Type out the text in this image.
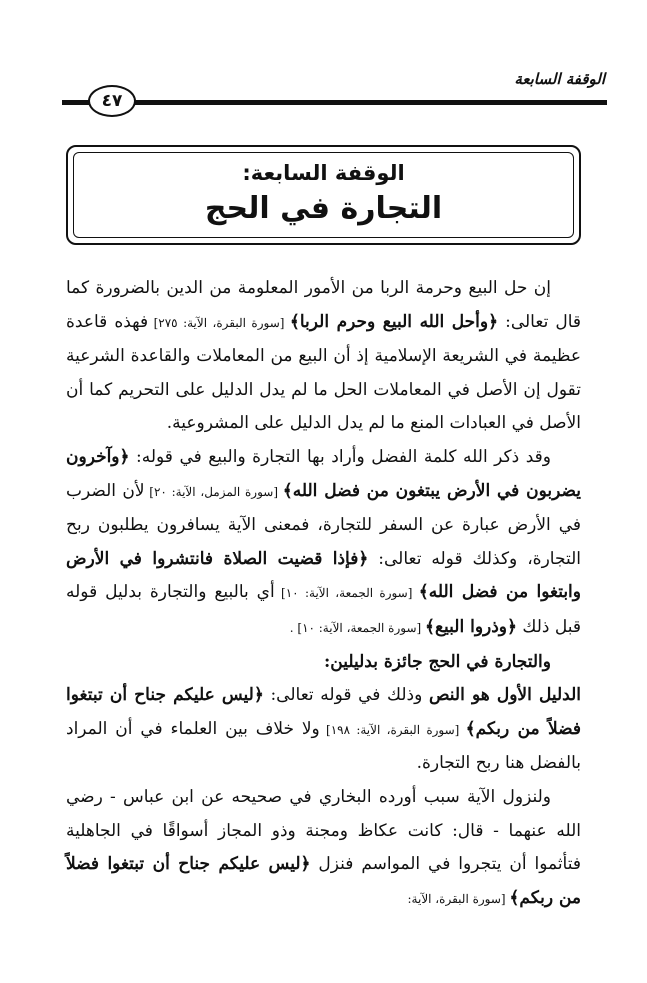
الوقفة السابعة
٤٧
الوقفة السابعة:
التجارة في الحج

إن حل البيع وحرمة الربا من الأمور المعلومة من الدين بالضرورة كما قال تعالى: ﴿وأحل الله البيع وحرم الربا﴾ [سورة البقرة، الآية: ٢٧٥] فهذه قاعدة عظيمة في الشريعة الإسلامية إذ أن البيع من المعاملات والقاعدة الشرعية تقول إن الأصل في المعاملات الحل ما لم يدل الدليل على التحريم كما أن الأصل في العبادات المنع ما لم يدل الدليل على المشروعية.

وقد ذكر الله كلمة الفضل وأراد بها التجارة والبيع في قوله: ﴿وآخرون يضربون في الأرض يبتغون من فضل الله﴾ [سورة المزمل، الآية: ٢٠] لأن الضرب في الأرض عبارة عن السفر للتجارة، فمعنى الآية يسافرون يطلبون ربح التجارة، وكذلك قوله تعالى: ﴿فإذا قضيت الصلاة فانتشروا في الأرض وابتغوا من فضل الله﴾ [سورة الجمعة، الآية: ١٠] أي بالبيع والتجارة بدليل قوله قبل ذلك ﴿وذروا البيع﴾ [سورة الجمعة، الآية: ١٠] .

والتجارة في الحج جائزة بدليلين:

الدليل الأول هو النص وذلك في قوله تعالى: ﴿ليس عليكم جناح أن تبتغوا فضلاً من ربكم﴾ [سورة البقرة، الآية: ١٩٨] ولا خلاف بين العلماء في أن المراد بالفضل هنا ربح التجارة.

ولنزول الآية سبب أورده البخاري في صحيحه عن ابن عباس - رضي الله عنهما - قال: كانت عكاظ ومجنة وذو المجاز أسواقًا في الجاهلية فتأثموا أن يتجروا في المواسم فنزل ﴿ليس عليكم جناح أن تبتغوا فضلاً من ربكم﴾ [سورة البقرة، الآية:
